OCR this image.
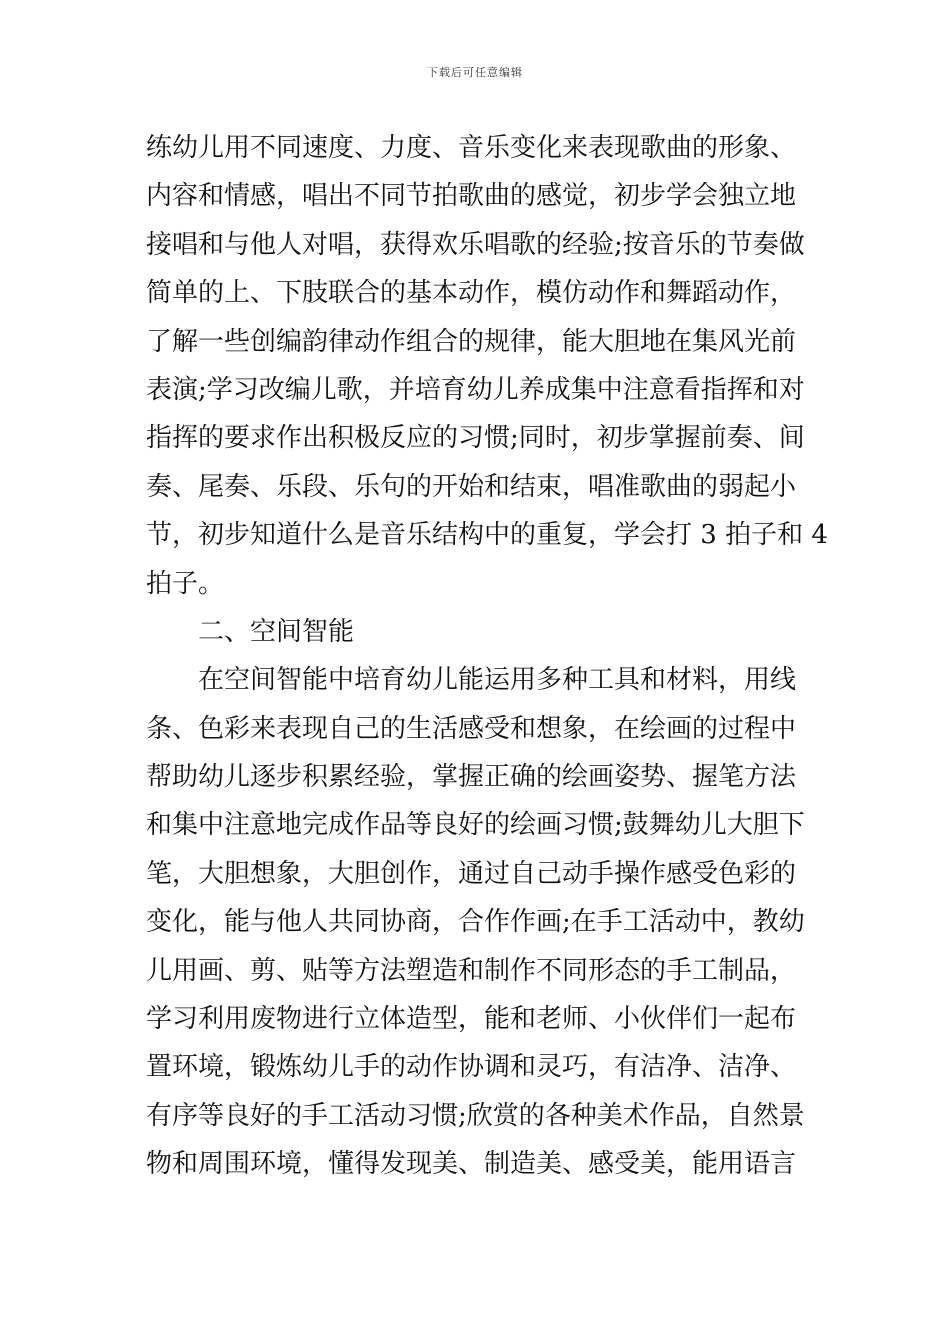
下载后可任意编辑
练幼儿用不同速度、力度、音乐变化来表现歌曲的形象、
内容和情感，唱出不同节拍歌曲的感觉，初步学会独立地
接唱和与他人对唱，获得欢乐唱歌的经验;按音乐的节奏做
简单的上、下肢联合的基本动作，模仿动作和舞蹈动作，
了解一些创编韵律动作组合的规律，能大胆地在集风光前
表演;学习改编儿歌，并培育幼儿养成集中注意看指挥和对
指挥的要求作出积极反应的习惯;同时，初步掌握前奏、间
奏、尾奏、乐段、乐句的开始和结束，唱准歌曲的弱起小
节，初步知道什么是音乐结构中的重复，学会打 3 拍子和 4
拍子。
二、空间智能
在空间智能中培育幼儿能运用多种工具和材料，用线
条、色彩来表现自己的生活感受和想象，在绘画的过程中
帮助幼儿逐步积累经验，掌握正确的绘画姿势、握笔方法
和集中注意地完成作品等良好的绘画习惯;鼓舞幼儿大胆下
笔，大胆想象，大胆创作，通过自己动手操作感受色彩的
变化，能与他人共同协商，合作作画;在手工活动中，教幼
儿用画、剪、贴等方法塑造和制作不同形态的手工制品，
学习利用废物进行立体造型，能和老师、小伙伴们一起布
置环境，锻炼幼儿手的动作协调和灵巧，有洁净、洁净、
有序等良好的手工活动习惯;欣赏的各种美术作品，自然景
物和周围环境，懂得发现美、制造美、感受美，能用语言
